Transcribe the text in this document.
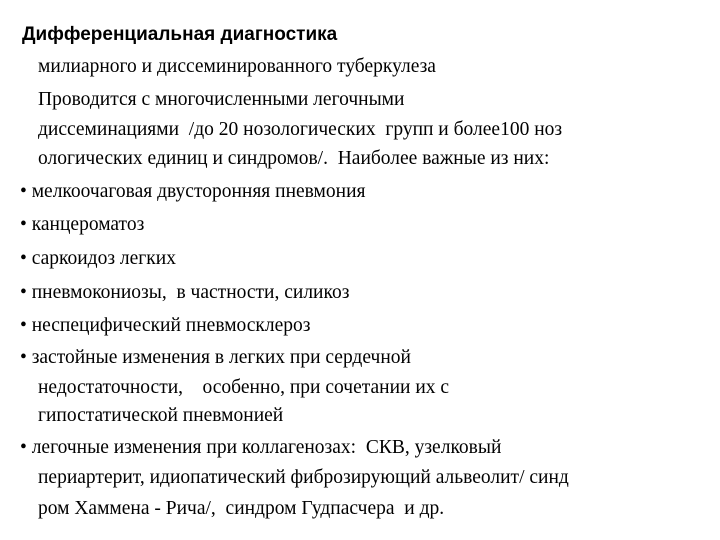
Дифференциальная диагностика
милиарного и диссеминированного туберкулеза
Проводится с многочисленными легочными
диссеминациями  /до 20 нозологических  групп и более100 ноз
ологических единиц и синдромов/.  Наиболее важные из них:
• мелкоочаговая двусторонняя пневмония
• канцероматоз
• саркоидоз легких
• пневмокониозы,  в частности, силикоз
• неспецифический пневмосклероз
• застойные изменения в легких при сердечной
недостаточности,    особенно, при сочетании их с
гипостатической пневмонией
• легочные изменения при коллагенозах:  СКВ, узелковый
периартерит, идиопатический фиброзирующий альвеолит/ синд
ром Хаммена - Рича/,  синдром Гудпасчера  и др.
